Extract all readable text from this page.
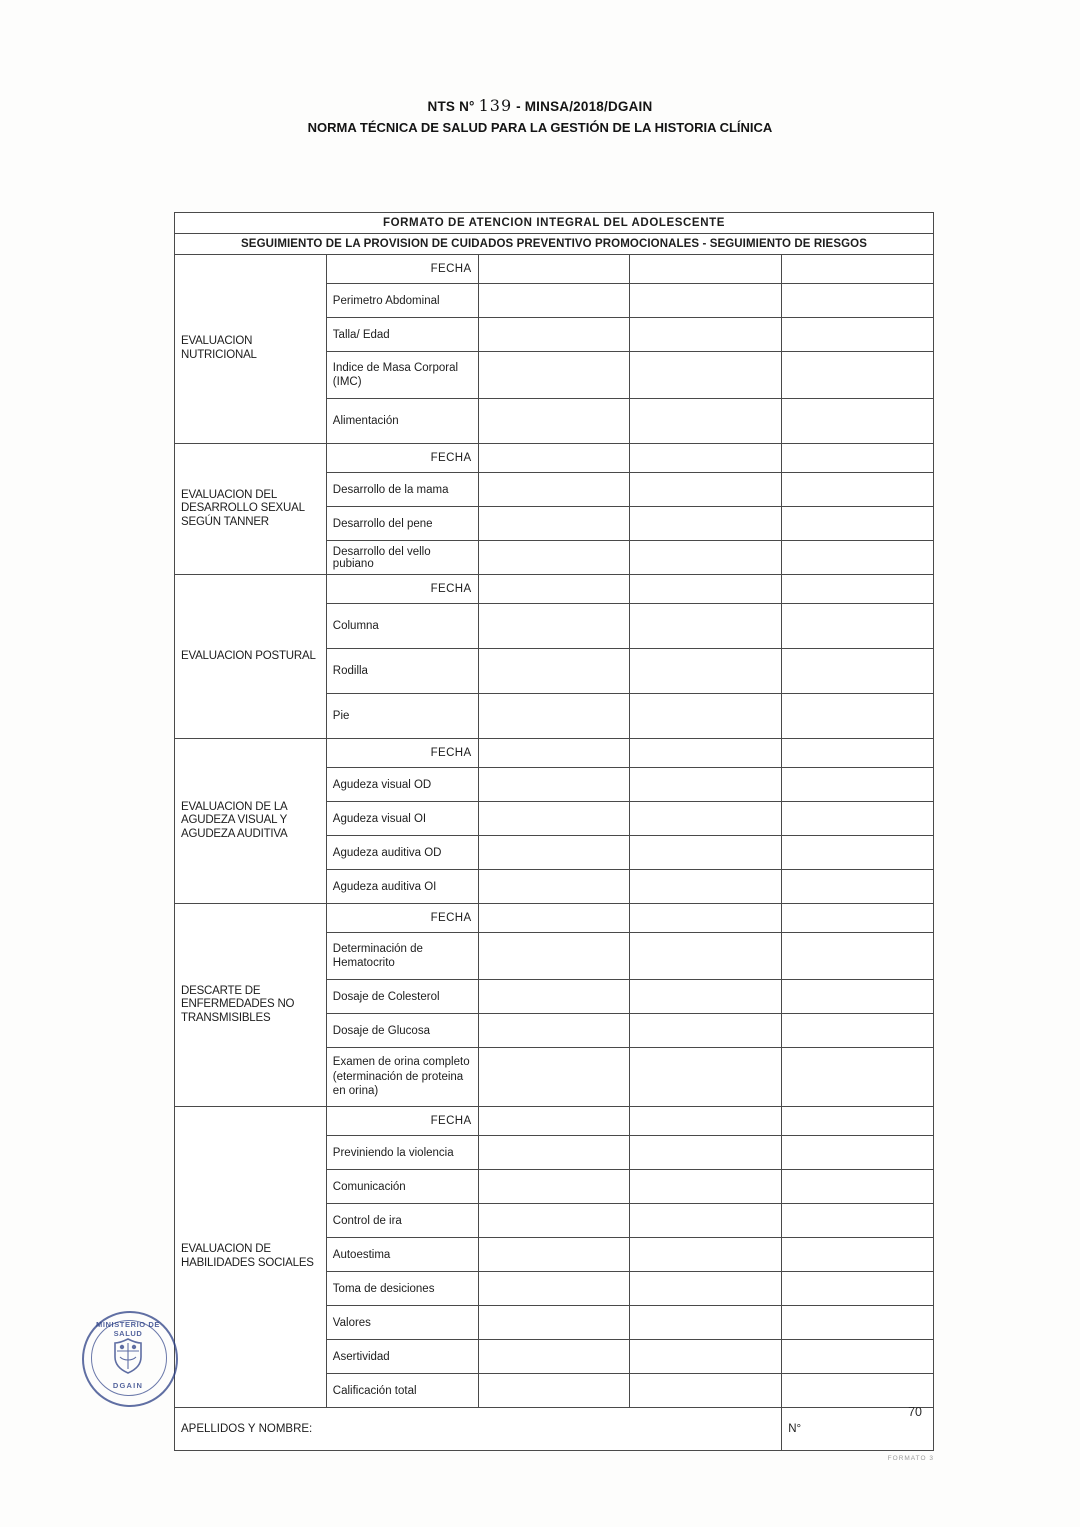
NTS N° 139 - MINSA/2018/DGAIN
NORMA TÉCNICA DE SALUD PARA LA GESTIÓN DE LA HISTORIA CLÍNICA
FORMATO DE ATENCION INTEGRAL DEL ADOLESCENTE				
SEGUIMIENTO DE LA PROVISION DE CUIDADOS PREVENTIVO PROMOCIONALES - SEGUIMIENTO DE RIESGOS				
EVALUACION NUTRICIONAL	FECHA			
	Perimetro Abdominal			
	Talla/ Edad			
	Indice de Masa Corporal (IMC)			
	Alimentación			
EVALUACION DEL DESARROLLO SEXUAL SEGÚN TANNER	FECHA			
	Desarrollo de la mama			
	Desarrollo del pene			
	Desarrollo del vello pubiano			
EVALUACION POSTURAL	FECHA			
	Columna			
	Rodilla			
	Pie			
EVALUACION DE LA AGUDEZA VISUAL Y AGUDEZA AUDITIVA	FECHA			
	Agudeza visual OD			
	Agudeza visual OI			
	Agudeza auditiva OD			
	Agudeza auditiva OI			
DESCARTE DE ENFERMEDADES NO TRANSMISIBLES	FECHA			
	Determinación de Hematocrito			
	Dosaje de Colesterol			
	Dosaje de Glucosa			
	Examen de orina completo (eterminación de proteina en orina)			
EVALUACION DE HABILIDADES SOCIALES	FECHA			
	Previniendo la violencia			
	Comunicación			
	Control de ira			
	Autoestima			
	Toma de desiciones			
	Valores			
	Asertividad			
	Calificación total			
APELLIDOS Y NOMBRE:				N°
FORMATO 3
MINISTERIO DE SALUD
DGAIN
70
